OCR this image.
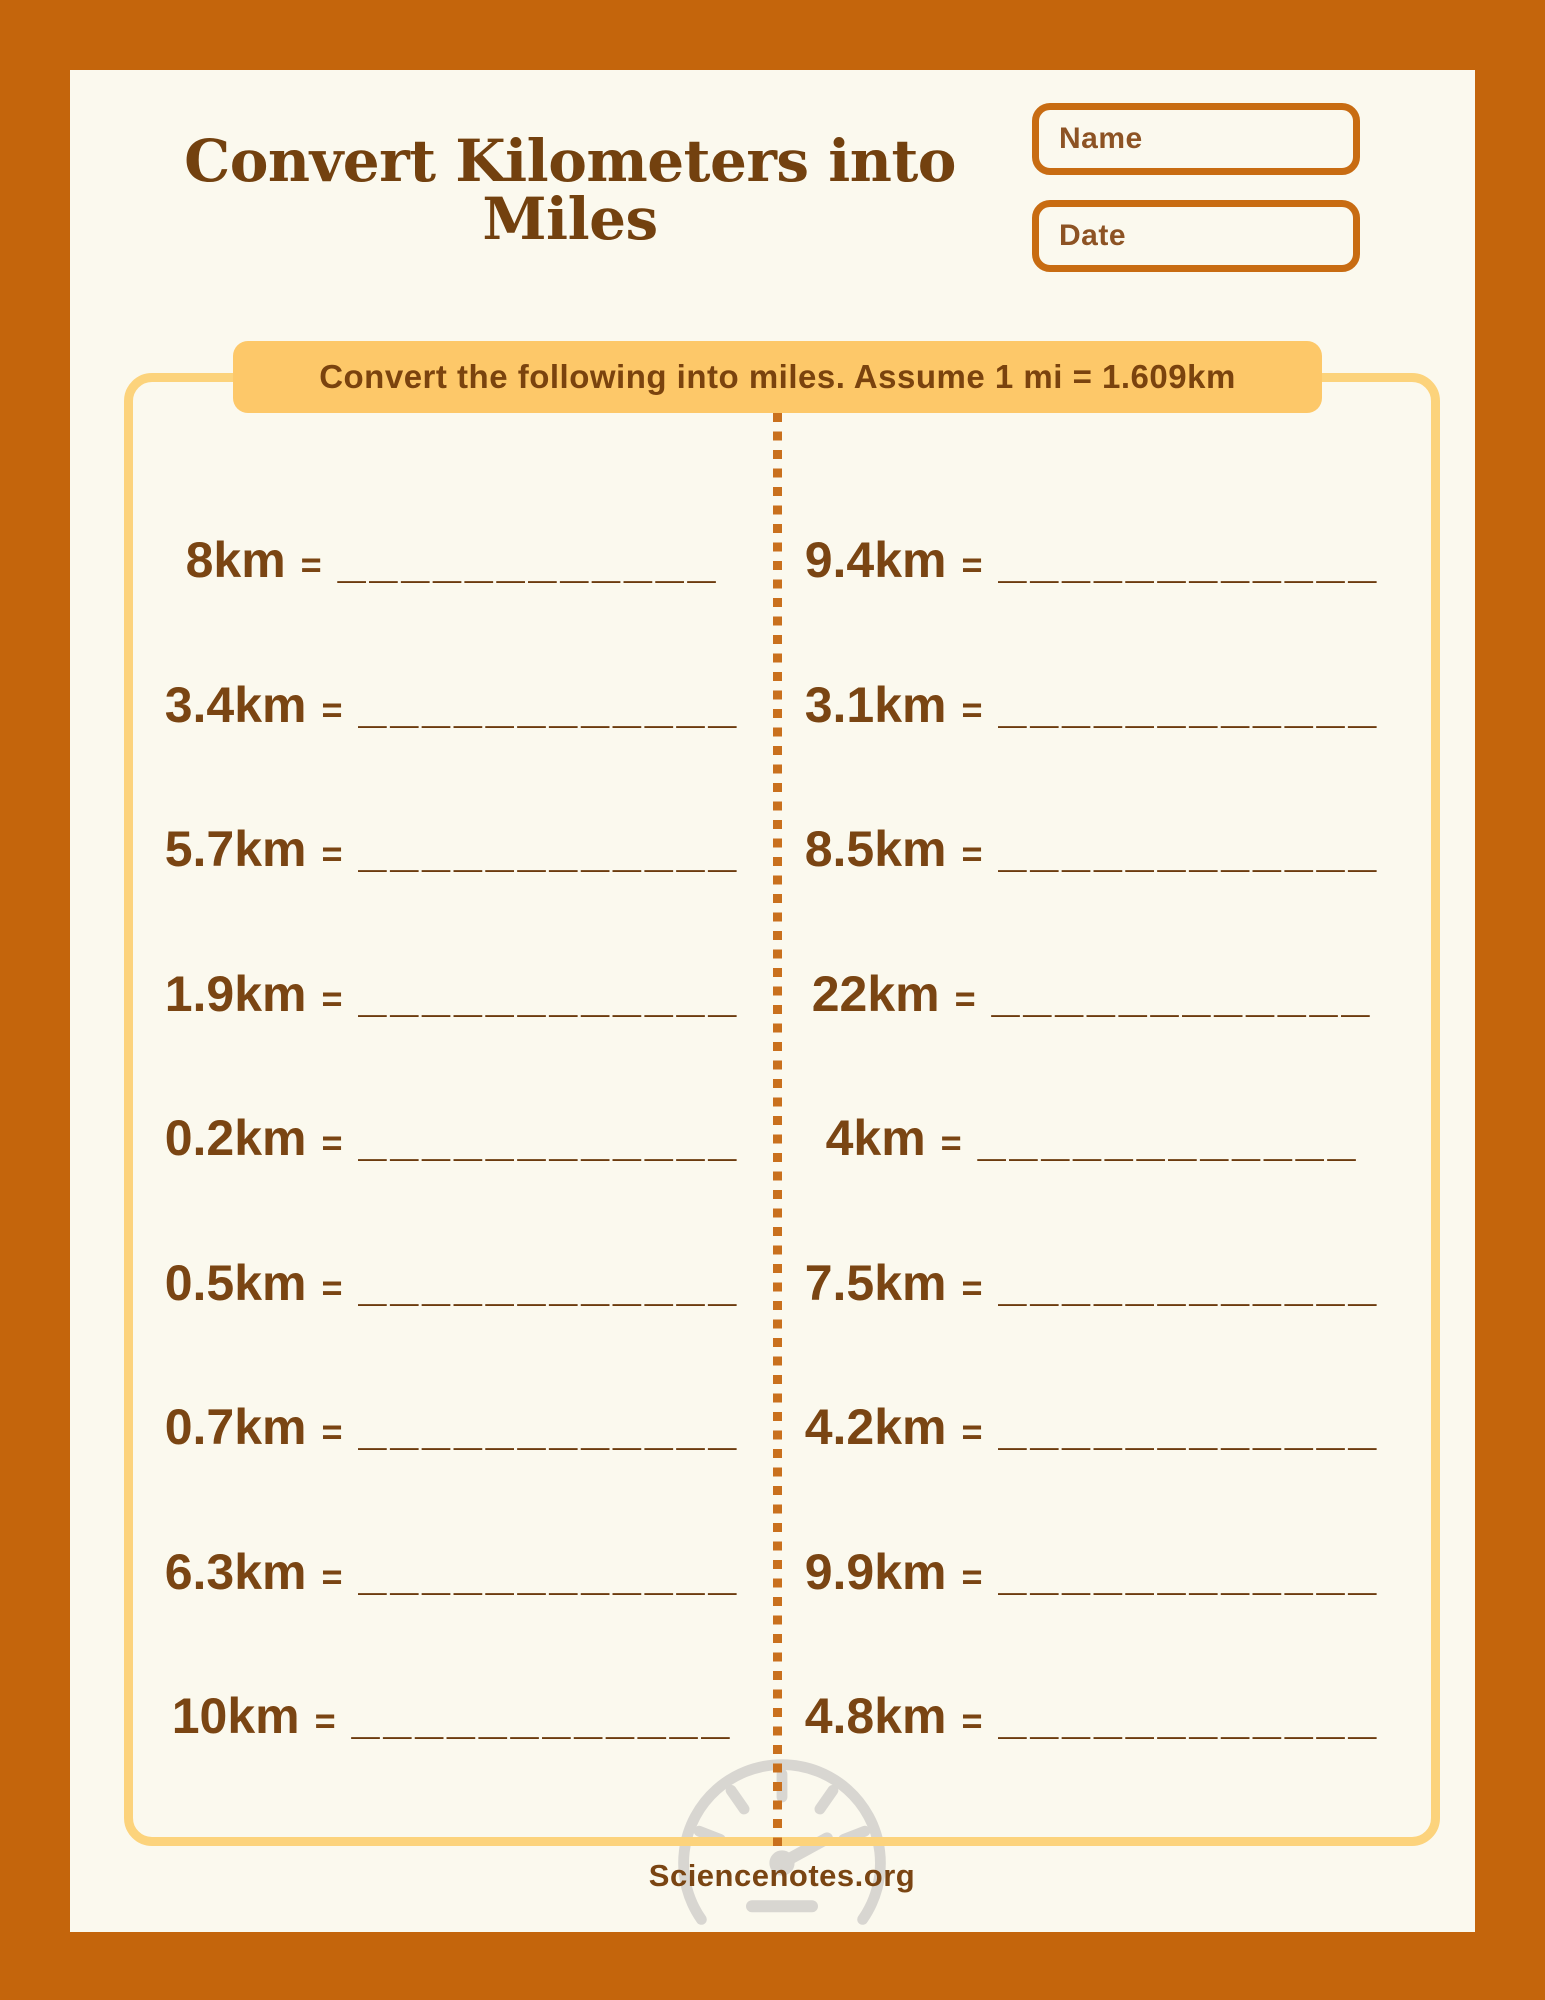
Convert Kilometers into Miles
Name
Date
Convert the following into miles. Assume 1 mi = 1.609km
8km = ____________
3.4km = ____________
5.7km = ____________
1.9km = ____________
0.2km = ____________
0.5km = ____________
0.7km = ____________
6.3km = ____________
10km = ____________
9.4km = ____________
3.1km = ____________
8.5km = ____________
22km = ____________
4km = ____________
7.5km = ____________
4.2km = ____________
9.9km = ____________
4.8km = ____________
Sciencenotes.org
